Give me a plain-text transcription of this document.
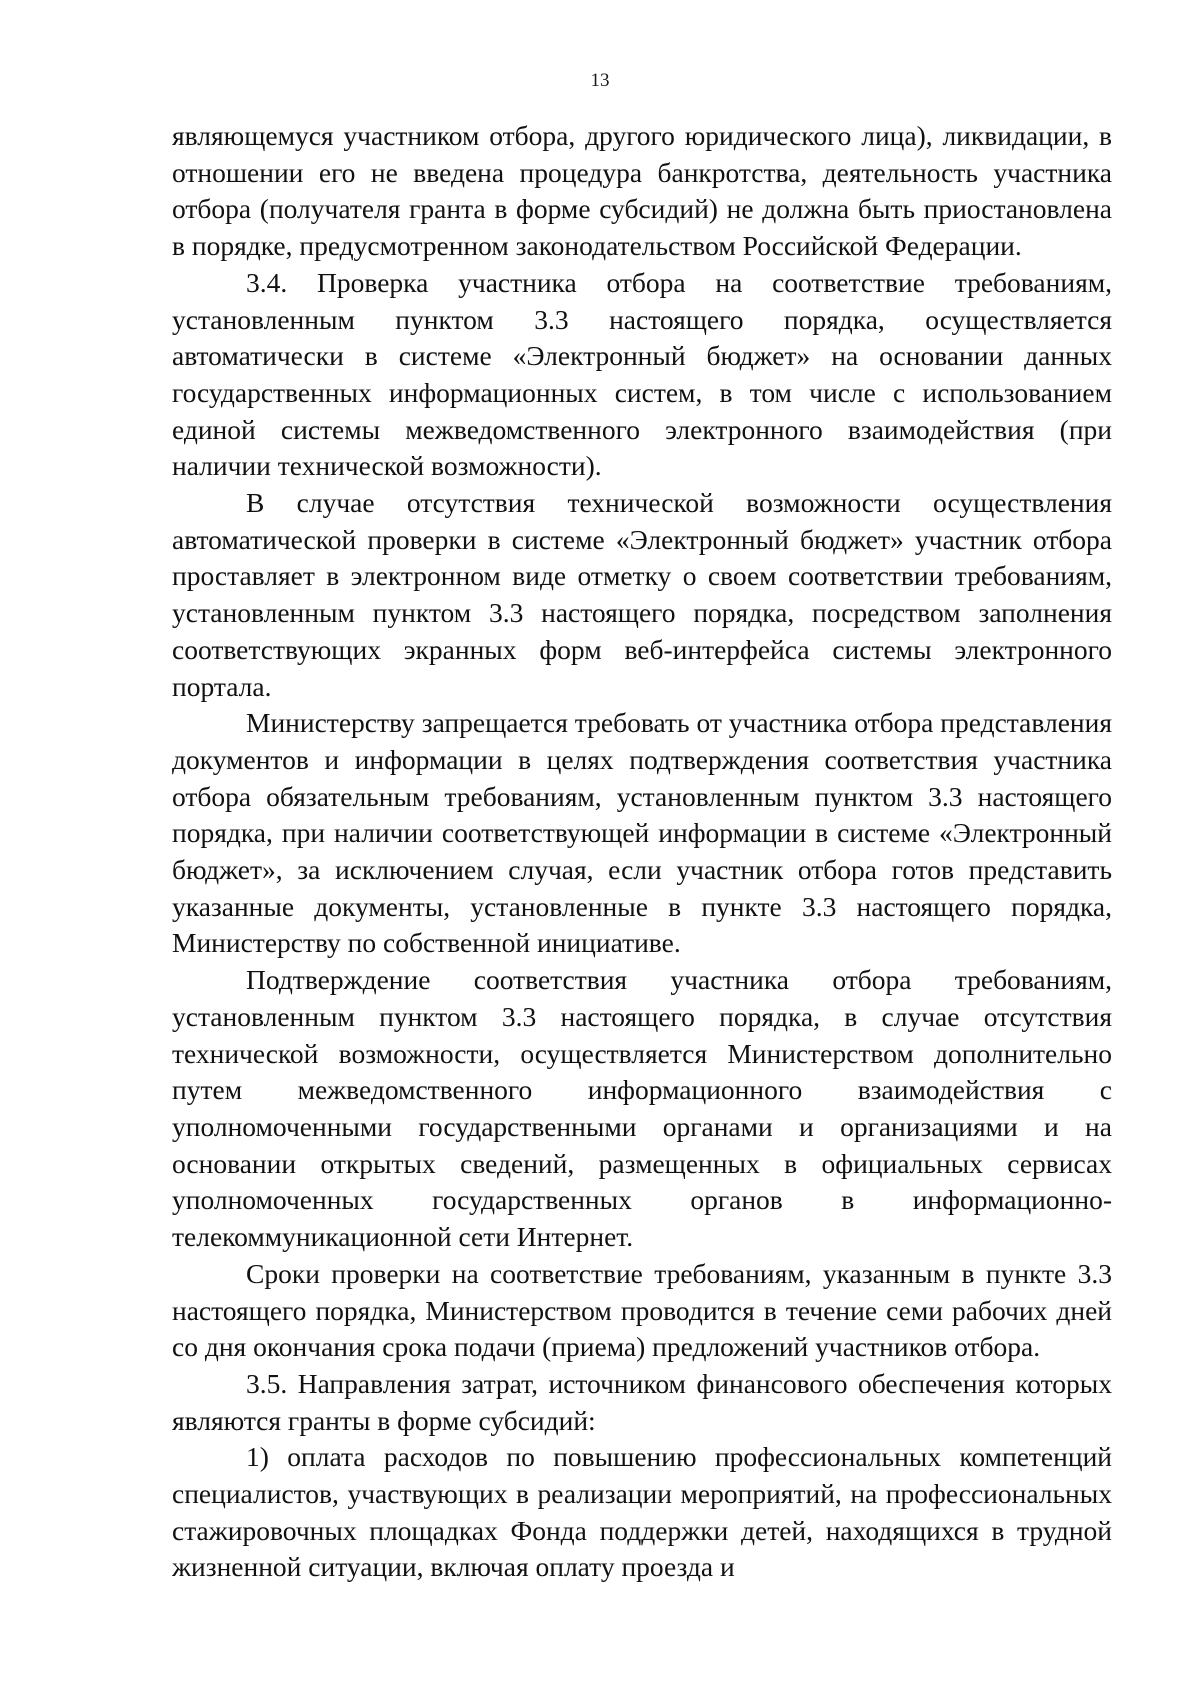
13

являющемуся участником отбора, другого юридического лица), ликвидации, в отношении его не введена процедура банкротства, деятельность участника отбора (получателя гранта в форме субсидий) не должна быть приостановлена в порядке, предусмотренном законодательством Российской Федерации.

3.4. Проверка участника отбора на соответствие требованиям, установленным пунктом 3.3 настоящего порядка, осуществляется автоматически в системе «Электронный бюджет» на основании данных государственных информационных систем, в том числе с использованием единой системы межведомственного электронного взаимодействия (при наличии технической возможности).

В случае отсутствия технической возможности осуществления автоматической проверки в системе «Электронный бюджет» участник отбора проставляет в электронном виде отметку о своем соответствии требованиям, установленным пунктом 3.3 настоящего порядка, посредством заполнения соответствующих экранных форм веб-интерфейса системы электронного портала.

Министерству запрещается требовать от участника отбора представления документов и информации в целях подтверждения соответствия участника отбора обязательным требованиям, установленным пунктом 3.3 настоящего порядка, при наличии соответствующей информации в системе «Электронный бюджет», за исключением случая, если участник отбора готов представить указанные документы, установленные в пункте 3.3 настоящего порядка, Министерству по собственной инициативе.

Подтверждение соответствия участника отбора требованиям, установленным пунктом 3.3 настоящего порядка, в случае отсутствия технической возможности, осуществляется Министерством дополнительно путем межведомственного информационного взаимодействия с уполномоченными государственными органами и организациями и на основании открытых сведений, размещенных в официальных сервисах уполномоченных государственных органов в информационно-телекоммуникационной сети Интернет.

Сроки проверки на соответствие требованиям, указанным в пункте 3.3 настоящего порядка, Министерством проводится в течение семи рабочих дней со дня окончания срока подачи (приема) предложений участников отбора.

3.5. Направления затрат, источником финансового обеспечения которых являются гранты в форме субсидий:

1) оплата расходов по повышению профессиональных компетенций специалистов, участвующих в реализации мероприятий, на профессиональных стажировочных площадках Фонда поддержки детей, находящихся в трудной жизненной ситуации, включая оплату проезда и
